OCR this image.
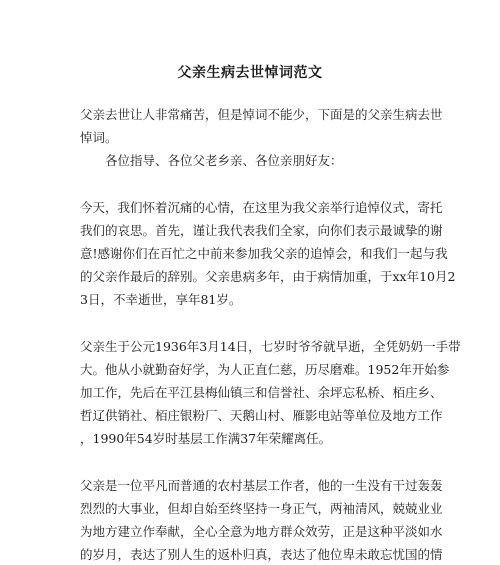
父亲生病去世悼词范文
父亲去世让人非常痛苦，但是悼词不能少，下面是的父亲生病去世
悼词。
各位指导、各位父老乡亲、各位亲朋好友：
今天，我们怀着沉痛的心情，在这里为我父亲举行追悼仪式，寄托
我们的哀思。首先，谨让我代表我们全家，向你们表示最诚挚的谢
意!感谢你们在百忙之中前来参加我父亲的追悼会，和我们一起与我
的父亲作最后的辞别。父亲患病多年，由于病情加重，于xx年10月2
3日，不幸逝世，享年81岁。
父亲生于公元1936年3月14日，七岁时爷爷就早逝，全凭奶奶一手带
大。他从小就勤奋好学，为人正直仁慈，历尽磨难。1952年开始参
加工作，先后在平江县梅仙镇三和信誉社、余坪忘私桥、栢庄乡、
哲辽供销社、栢庄银粉厂、天鹅山村、雁影电站等单位及地方工作
，1990年54岁时基层工作满37年荣耀离任。
父亲是一位平凡而普通的农村基层工作者，他的一生没有干过轰轰
烈烈的大事业，但却自始至终坚持一身正气，两袖清风，兢兢业业
为地方建立作奉献，全心全意为地方群众效劳，正是这种平淡如水
的岁月，表达了别人生的返朴归真，表达了他位卑未敢忘忧国的情
